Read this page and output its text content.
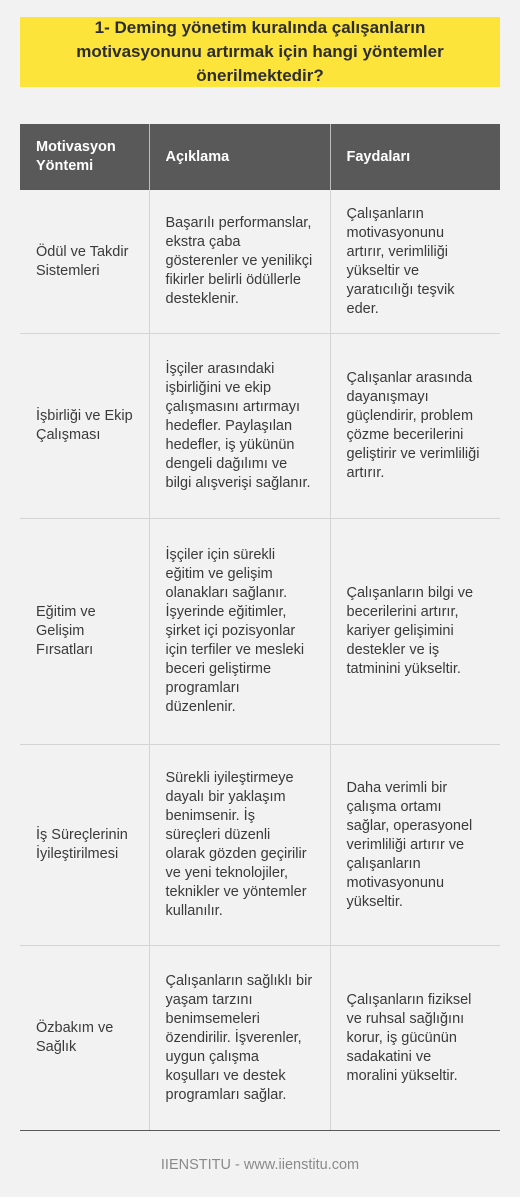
1- Deming yönetim kuralında çalışanların motivasyonunu artırmak için hangi yöntemler önerilmektedir?
Motivasyon Yöntemi	Açıklama	Faydaları
Ödül ve Takdir Sistemleri	Başarılı performanslar, ekstra çaba gösterenler ve yenilikçi fikirler belirli ödüllerle desteklenir.	Çalışanların motivasyonunu artırır, verimliliği yükseltir ve yaratıcılığı teşvik eder.
İşbirliği ve Ekip Çalışması	İşçiler arasındaki işbirliğini ve ekip çalışmasını artırmayı hedefler. Paylaşılan hedefler, iş yükünün dengeli dağılımı ve bilgi alışverişi sağlanır.	Çalışanlar arasında dayanışmayı güçlendirir, problem çözme becerilerini geliştirir ve verimliliği artırır.
Eğitim ve Gelişim Fırsatları	İşçiler için sürekli eğitim ve gelişim olanakları sağlanır. İşyerinde eğitimler, şirket içi pozisyonlar için terfiler ve mesleki beceri geliştirme programları düzenlenir.	Çalışanların bilgi ve becerilerini artırır, kariyer gelişimini destekler ve iş tatminini yükseltir.
İş Süreçlerinin İyileştirilmesi	Sürekli iyileştirmeye dayalı bir yaklaşım benimsenir. İş süreçleri düzenli olarak gözden geçirilir ve yeni teknolojiler, teknikler ve yöntemler kullanılır.	Daha verimli bir çalışma ortamı sağlar, operasyonel verimliliği artırır ve çalışanların motivasyonunu yükseltir.
Özbakım ve Sağlık	Çalışanların sağlıklı bir yaşam tarzını benimsemeleri özendirilir. İşverenler, uygun çalışma koşulları ve destek programları sağlar.	Çalışanların fiziksel ve ruhsal sağlığını korur, iş gücünün sadakatini ve moralini yükseltir.
IIENSTITU - www.iienstitu.com
